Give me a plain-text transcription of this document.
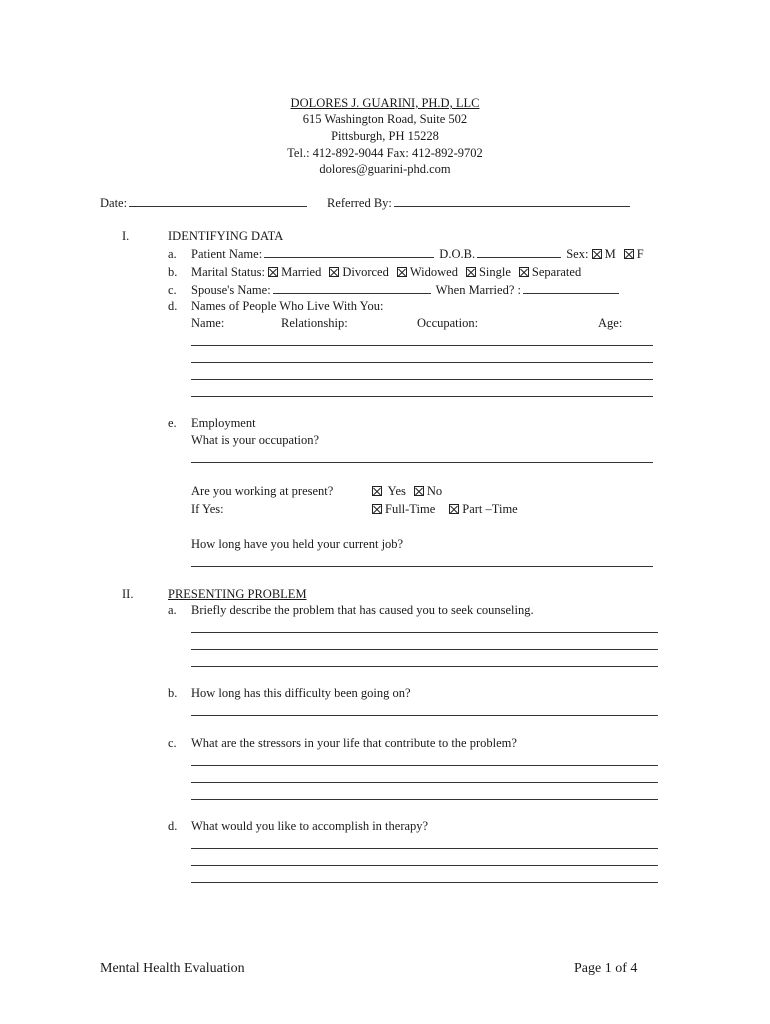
DOLORES J. GUARINI, PH.D, LLC
615 Washington Road, Suite 502
Pittsburgh, PH 15228
Tel.: 412-892-9044 Fax: 412-892-9702
dolores@guarini-phd.com
Date:	Referred By:
I.	IDENTIFYING DATA
a. Patient Name:	D.O.B.	Sex: M F
b. Marital Status: Married Divorced Widowed Single Separated
c. Spouse's Name:	When Married? :
d. Names of People Who Live With You:
Name:	Relationship:	Occupation:	Age:
e. Employment
What is your occupation?
Are you working at present?	Yes No
If Yes:	Full-Time Part –Time
How long have you held your current job?
II.	PRESENTING PROBLEM
a. Briefly describe the problem that has caused you to seek counseling.
b. How long has this difficulty been going on?
c. What are the stressors in your life that contribute to the problem?
d. What would you like to accomplish in therapy?
Mental Health Evaluation	Page 1 of 4
